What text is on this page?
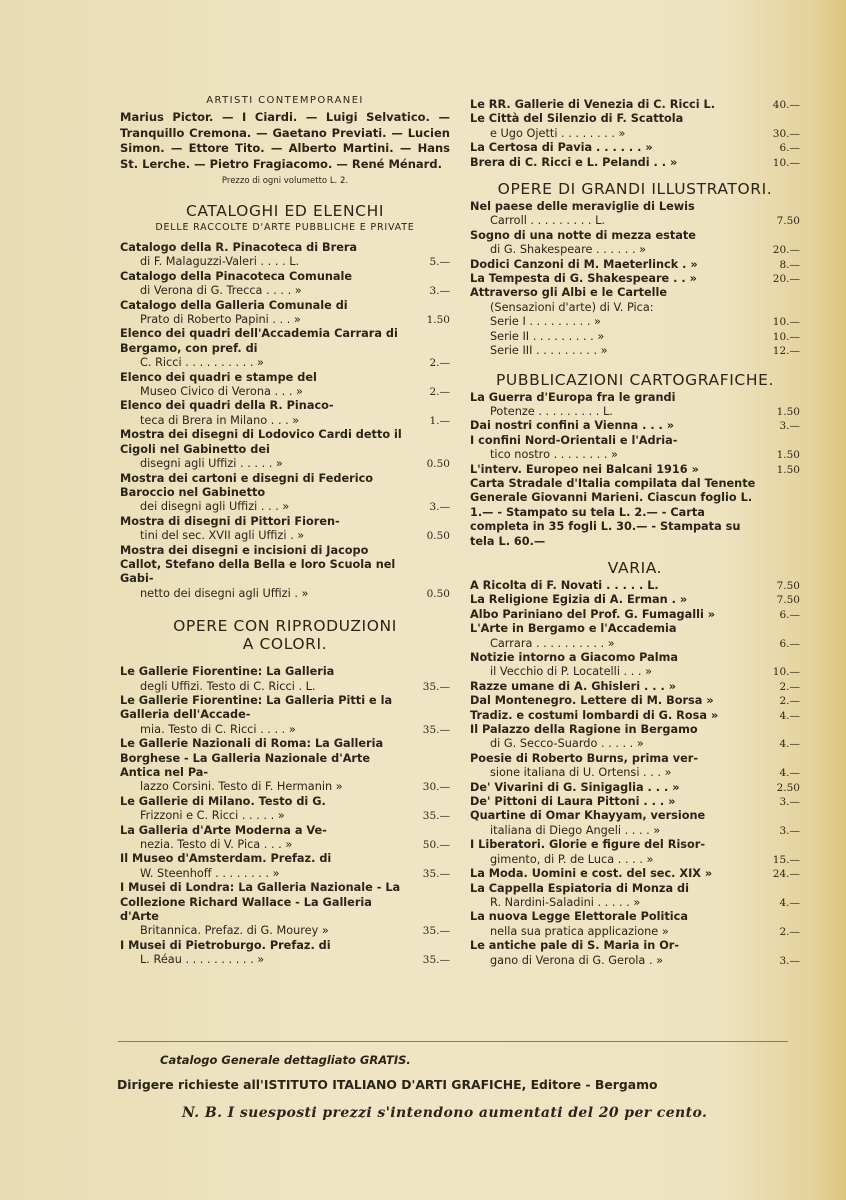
ARTISTI CONTEMPORANEI
Marius Pictor. — I Ciardi. — Luigi Selvatico. — Tranquillo Cremona. — Gaetano Previati. — Lucien Simon. — Ettore Tito. — Alberto Martini. — Hans St. Lerche. — Pietro Fragiacomo. — René Ménard.
Prezzo di ogni volumetto L. 2.
CATALOGHI ED ELENCHI
DELLE RACCOLTE D'ARTE PUBBLICHE E PRIVATE
Catalogo della R. Pinacoteca di Brera
di F. Malaguzzi-Valeri . . . . L.	5.—
Catalogo della Pinacoteca Comunale
di Verona di G. Trecca . . . . »	3.—
Catalogo della Galleria Comunale di
Prato di Roberto Papini . . . »	1.50
Elenco dei quadri dell'Accademia Carrara di Bergamo, con pref. di
C. Ricci . . . . . . . . . . »	2.—
Elenco dei quadri e stampe del
Museo Civico di Verona . . . »	2.—
Elenco dei quadri della R. Pinaco-
teca di Brera in Milano . . . »	1.—
Mostra dei disegni di Lodovico Cardi detto il Cigoli nel Gabinetto dei
disegni agli Uffizi . . . . . »	0.50
Mostra dei cartoni e disegni di Federico Baroccio nel Gabinetto
dei disegni agli Uffizi . . . »	3.—
Mostra di disegni di Pittori Fioren-
tini del sec. XVII agli Uffizi . »	0.50
Mostra dei disegni e incisioni di Jacopo Callot, Stefano della Bella e loro Scuola nel Gabi-
netto dei disegni agli Uffizi . »	0.50
OPERE CON RIPRODUZIONI
A COLORI.
Le Gallerie Fiorentine: La Galleria
degli Uffizi. Testo di C. Ricci . L.	35.—
Le Gallerie Fiorentine: La Galleria Pitti e la Galleria dell'Accade-
mia. Testo di C. Ricci . . . . »	35.—
Le Gallerie Nazionali di Roma: La Galleria Borghese - La Galleria Nazionale d'Arte Antica nel Pa-
lazzo Corsini. Testo di F. Hermanin »	30.—
Le Gallerie di Milano. Testo di G.
Frizzoni e C. Ricci . . . . . »	35.—
La Galleria d'Arte Moderna a Ve-
nezia. Testo di V. Pica . . . »	50.—
Il Museo d'Amsterdam. Prefaz. di
W. Steenhoff . . . . . . . . »	35.—
I Musei di Londra: La Galleria Nazionale - La Collezione Richard Wallace - La Galleria d'Arte
Britannica. Prefaz. di G. Mourey »	35.—
I Musei di Pietroburgo. Prefaz. di
L. Réau . . . . . . . . . . »	35.—
Le RR. Gallerie di Venezia di C. Ricci L.	40.—
Le Città del Silenzio di F. Scattola
e Ugo Ojetti . . . . . . . . »	30.—
La Certosa di Pavia . . . . . . »	6.—
Brera di C. Ricci e L. Pelandi . . »	10.—
OPERE DI GRANDI ILLUSTRATORI.
Nel paese delle meraviglie di Lewis
Carroll . . . . . . . . . L.	7.50
Sogno di una notte di mezza estate
di G. Shakespeare . . . . . . »	20.—
Dodici Canzoni di M. Maeterlinck . »	8.—
La Tempesta di G. Shakespeare . . »	20.—
Attraverso gli Albi e le Cartelle
(Sensazioni d'arte) di V. Pica:
Serie I . . . . . . . . . »	10.—
Serie II . . . . . . . . . »	10.—
Serie III . . . . . . . . . »	12.—
PUBBLICAZIONI CARTOGRAFICHE.
La Guerra d'Europa fra le grandi
Potenze . . . . . . . . . L.	1.50
Dai nostri confini a Vienna . . . »	3.—
I confini Nord-Orientali e l'Adria-
tico nostro . . . . . . . . »	1.50
L'interv. Europeo nei Balcani 1916 »	1.50
Carta Stradale d'Italia compilata dal Tenente Generale Giovanni Marieni. Ciascun foglio L. 1.— - Stampato su tela L. 2.— - Carta completa in 35 fogli L. 30.— - Stampata su tela L. 60.—
VARIA.
A Ricolta di F. Novati . . . . . L.	7.50
La Religione Egizia di A. Erman . »	7.50
Albo Pariniano del Prof. G. Fumagalli »	6.—
L'Arte in Bergamo e l'Accademia
Carrara . . . . . . . . . . »	6.—
Notizie intorno a Giacomo Palma
il Vecchio di P. Locatelli . . . »	10.—
Razze umane di A. Ghisleri . . . »	2.—
Dal Montenegro. Lettere di M. Borsa »	2.—
Tradiz. e costumi lombardi di G. Rosa »	4.—
Il Palazzo della Ragione in Bergamo
di G. Secco-Suardo . . . . . »	4.—
Poesie di Roberto Burns, prima ver-
sione italiana di U. Ortensi . . . »	4.—
De' Vivarini di G. Sinigaglia . . . »	2.50
De' Pittoni di Laura Pittoni . . . »	3.—
Quartine di Omar Khayyam, versione
italiana di Diego Angeli . . . . »	3.—
I Liberatori. Glorie e figure del Risor-
gimento, di P. de Luca . . . . »	15.—
La Moda. Uomini e cost. del sec. XIX »	24.—
La Cappella Espiatoria di Monza di
R. Nardini-Saladini . . . . . »	4.—
La nuova Legge Elettorale Politica
nella sua pratica applicazione »	2.—
Le antiche pale di S. Maria in Or-
gano di Verona di G. Gerola . »	3.—
Catalogo Generale dettagliato GRATIS.
Dirigere richieste all'ISTITUTO ITALIANO D'ARTI GRAFICHE, Editore - Bergamo
N. B. I suesposti prezzi s'intendono aumentati del 20 per cento.
